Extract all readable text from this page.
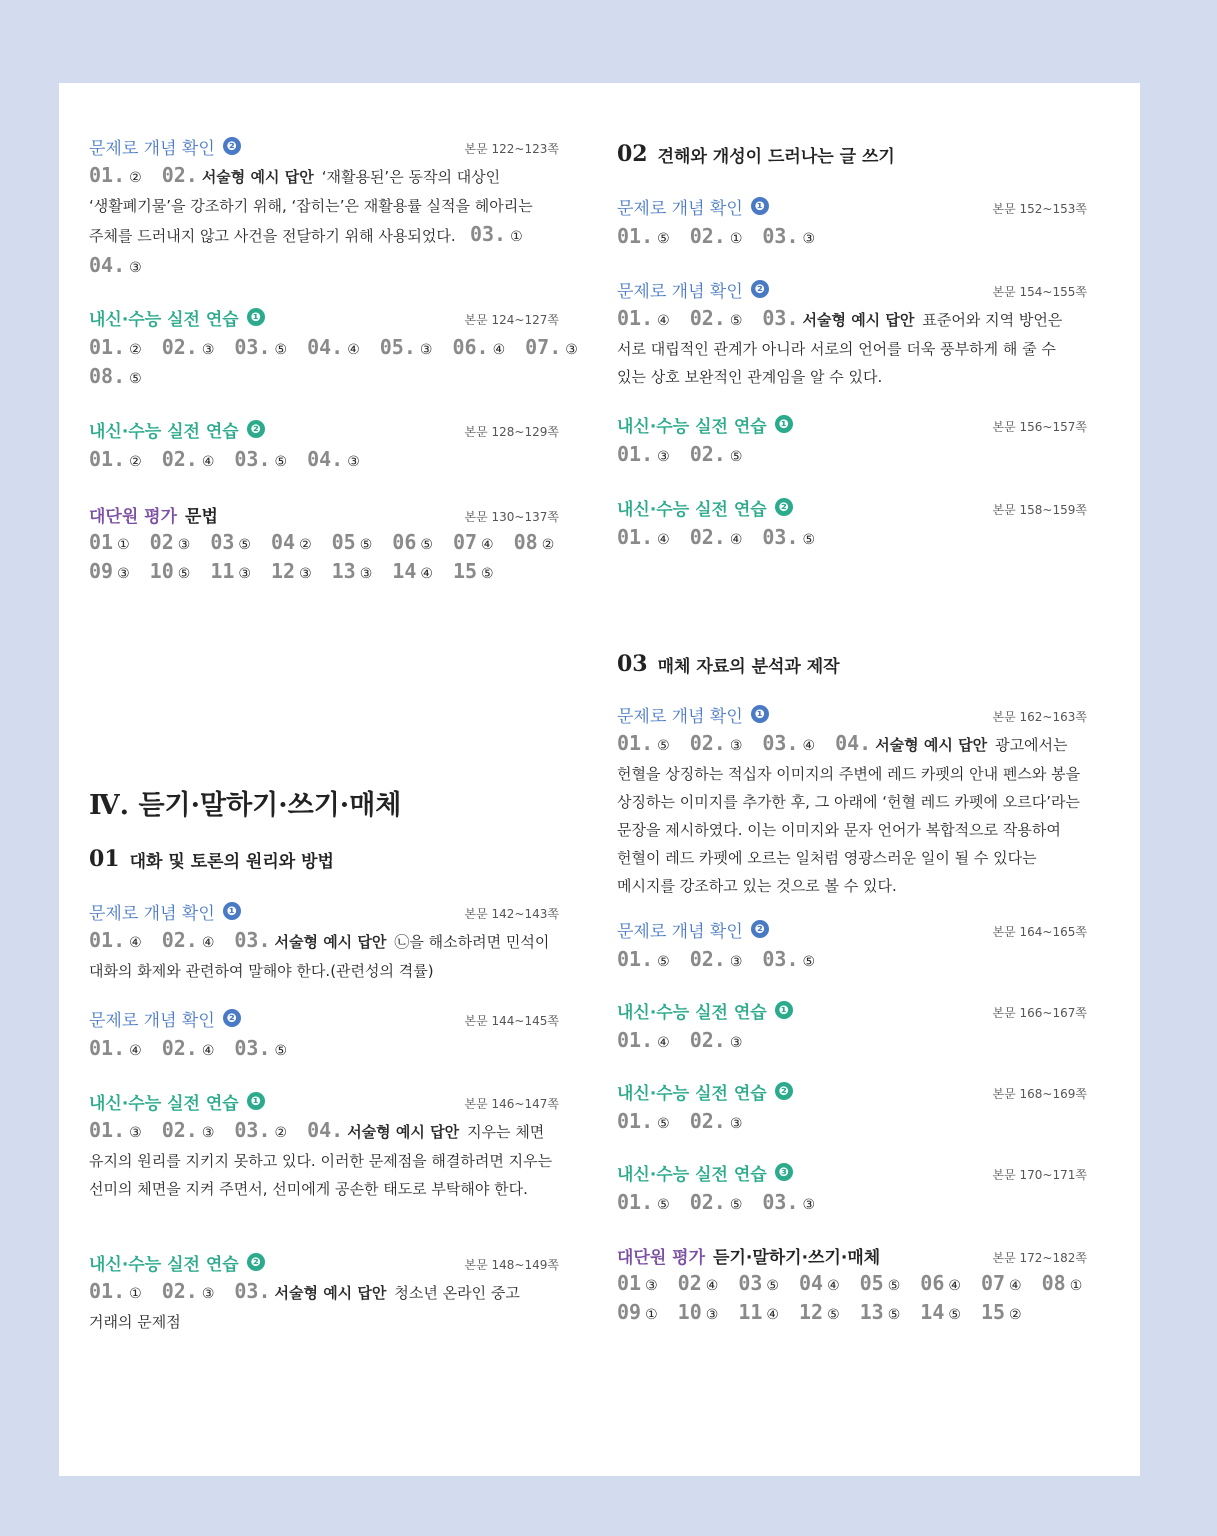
문제로 개념 확인 ❷	본문 122~123쪽
01. ② 02. 서술형 예시 답안 ‘재활용된’은 동작의 대상인 ‘생활폐기물’을 강조하기 위해, ‘잡히는’은 재활용률 실적을 헤아리는 주체를 드러내지 않고 사건을 전달하기 위해 사용되었다. 03. ①
04. ③
내신·수능 실전 연습 ❶	본문 124~127쪽
01. ② 02. ③ 03. ⑤ 04. ④ 05. ③ 06. ④ 07. ③
08. ⑤
내신·수능 실전 연습 ❷	본문 128~129쪽
01. ② 02. ④ 03. ⑤ 04. ③
대단원 평가 문법	본문 130~137쪽
01 ① 02 ③ 03 ⑤ 04 ② 05 ⑤ 06 ⑤ 07 ④ 08 ②
09 ③ 10 ⑤ 11 ③ 12 ③ 13 ③ 14 ④ 15 ⑤
Ⅳ. 듣기·말하기·쓰기·매체
01 대화 및 토론의 원리와 방법
문제로 개념 확인 ❶	본문 142~143쪽
01. ④ 02. ④ 03. 서술형 예시 답안 ㉡을 해소하려면 민석이 대화의 화제와 관련하여 말해야 한다.(관련성의 격률)
문제로 개념 확인 ❷	본문 144~145쪽
01. ④ 02. ④ 03. ⑤
내신·수능 실전 연습 ❶	본문 146~147쪽
01. ③ 02. ③ 03. ② 04. 서술형 예시 답안 지우는 체면 유지의 원리를 지키지 못하고 있다. 이러한 문제점을 해결하려면 지우는 선미의 체면을 지켜 주면서, 선미에게 공손한 태도로 부탁해야 한다.
내신·수능 실전 연습 ❷	본문 148~149쪽
01. ① 02. ③ 03. 서술형 예시 답안 청소년 온라인 중고 거래의 문제점
02 견해와 개성이 드러나는 글 쓰기
문제로 개념 확인 ❶	본문 152~153쪽
01. ⑤ 02. ① 03. ③
문제로 개념 확인 ❷	본문 154~155쪽
01. ④ 02. ⑤ 03. 서술형 예시 답안 표준어와 지역 방언은 서로 대립적인 관계가 아니라 서로의 언어를 더욱 풍부하게 해 줄 수 있는 상호 보완적인 관계임을 알 수 있다.
내신·수능 실전 연습 ❶	본문 156~157쪽
01. ③ 02. ⑤
내신·수능 실전 연습 ❷	본문 158~159쪽
01. ④ 02. ④ 03. ⑤
03 매체 자료의 분석과 제작
문제로 개념 확인 ❶	본문 162~163쪽
01. ⑤ 02. ③ 03. ④ 04. 서술형 예시 답안 광고에서는 헌혈을 상징하는 적십자 이미지의 주변에 레드 카펫의 안내 펜스와 봉을 상징하는 이미지를 추가한 후, 그 아래에 ‘헌혈 레드 카펫에 오르다’라는 문장을 제시하였다. 이는 이미지와 문자 언어가 복합적으로 작용하여 헌혈이 레드 카펫에 오르는 일처럼 영광스러운 일이 될 수 있다는 메시지를 강조하고 있는 것으로 볼 수 있다.
문제로 개념 확인 ❷	본문 164~165쪽
01. ⑤ 02. ③ 03. ⑤
내신·수능 실전 연습 ❶	본문 166~167쪽
01. ④ 02. ③
내신·수능 실전 연습 ❷	본문 168~169쪽
01. ⑤ 02. ③
내신·수능 실전 연습 ❸	본문 170~171쪽
01. ⑤ 02. ⑤ 03. ③
대단원 평가 듣기·말하기·쓰기·매체	본문 172~182쪽
01 ③ 02 ④ 03 ⑤ 04 ④ 05 ⑤ 06 ④ 07 ④ 08 ①
09 ① 10 ③ 11 ④ 12 ⑤ 13 ⑤ 14 ⑤ 15 ②
